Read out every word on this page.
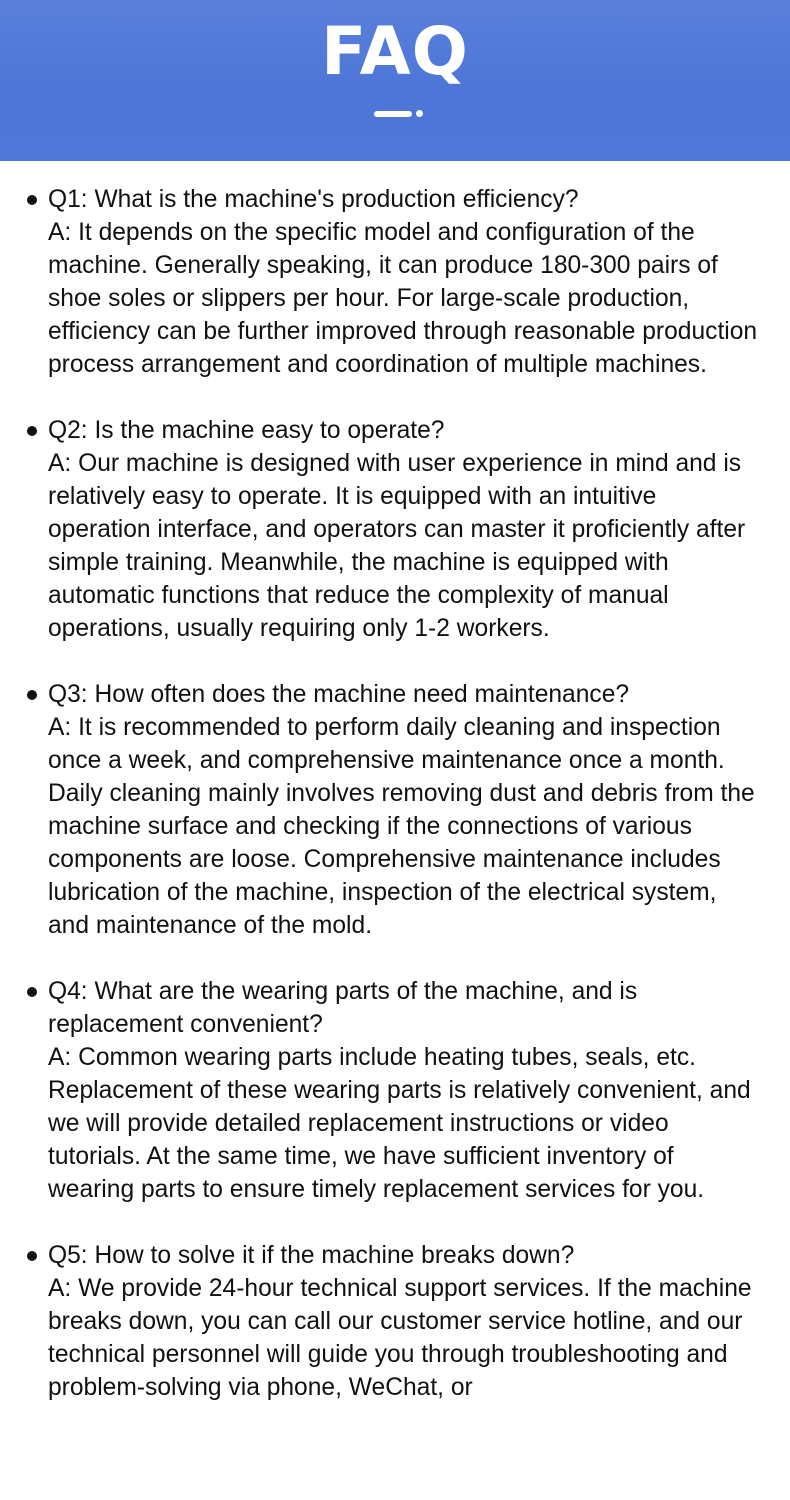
FAQ

Q1: What is the machine's production efficiency?

A: It depends on the specific model and configuration of the machine. Generally speaking, it can produce 180-300 pairs of shoe soles or slippers per hour. For large-scale production, efficiency can be further improved through reasonable production process arrangement and coordination of multiple machines.

Q2: Is the machine easy to operate?

A: Our machine is designed with user experience in mind and is relatively easy to operate. It is equipped with an intuitive operation interface, and operators can master it proficiently after simple training. Meanwhile, the machine is equipped with automatic functions that reduce the complexity of manual operations, usually requiring only 1-2 workers.

Q3: How often does the machine need maintenance?

A: It is recommended to perform daily cleaning and inspection once a week, and comprehensive maintenance once a month. Daily cleaning mainly involves removing dust and debris from the machine surface and checking if the connections of various components are loose. Comprehensive maintenance includes lubrication of the machine, inspection of the electrical system, and maintenance of the mold.

Q4: What are the wearing parts of the machine, and is replacement convenient?

A: Common wearing parts include heating tubes, seals, etc. Replacement of these wearing parts is relatively convenient, and we will provide detailed replacement instructions or video tutorials. At the same time, we have sufficient inventory of wearing parts to ensure timely replacement services for you.

Q5: How to solve it if the machine breaks down?

A: We provide 24-hour technical support services. If the machine breaks down, you can call our customer service hotline, and our technical personnel will guide you through troubleshooting and problem-solving via phone, WeChat, or
